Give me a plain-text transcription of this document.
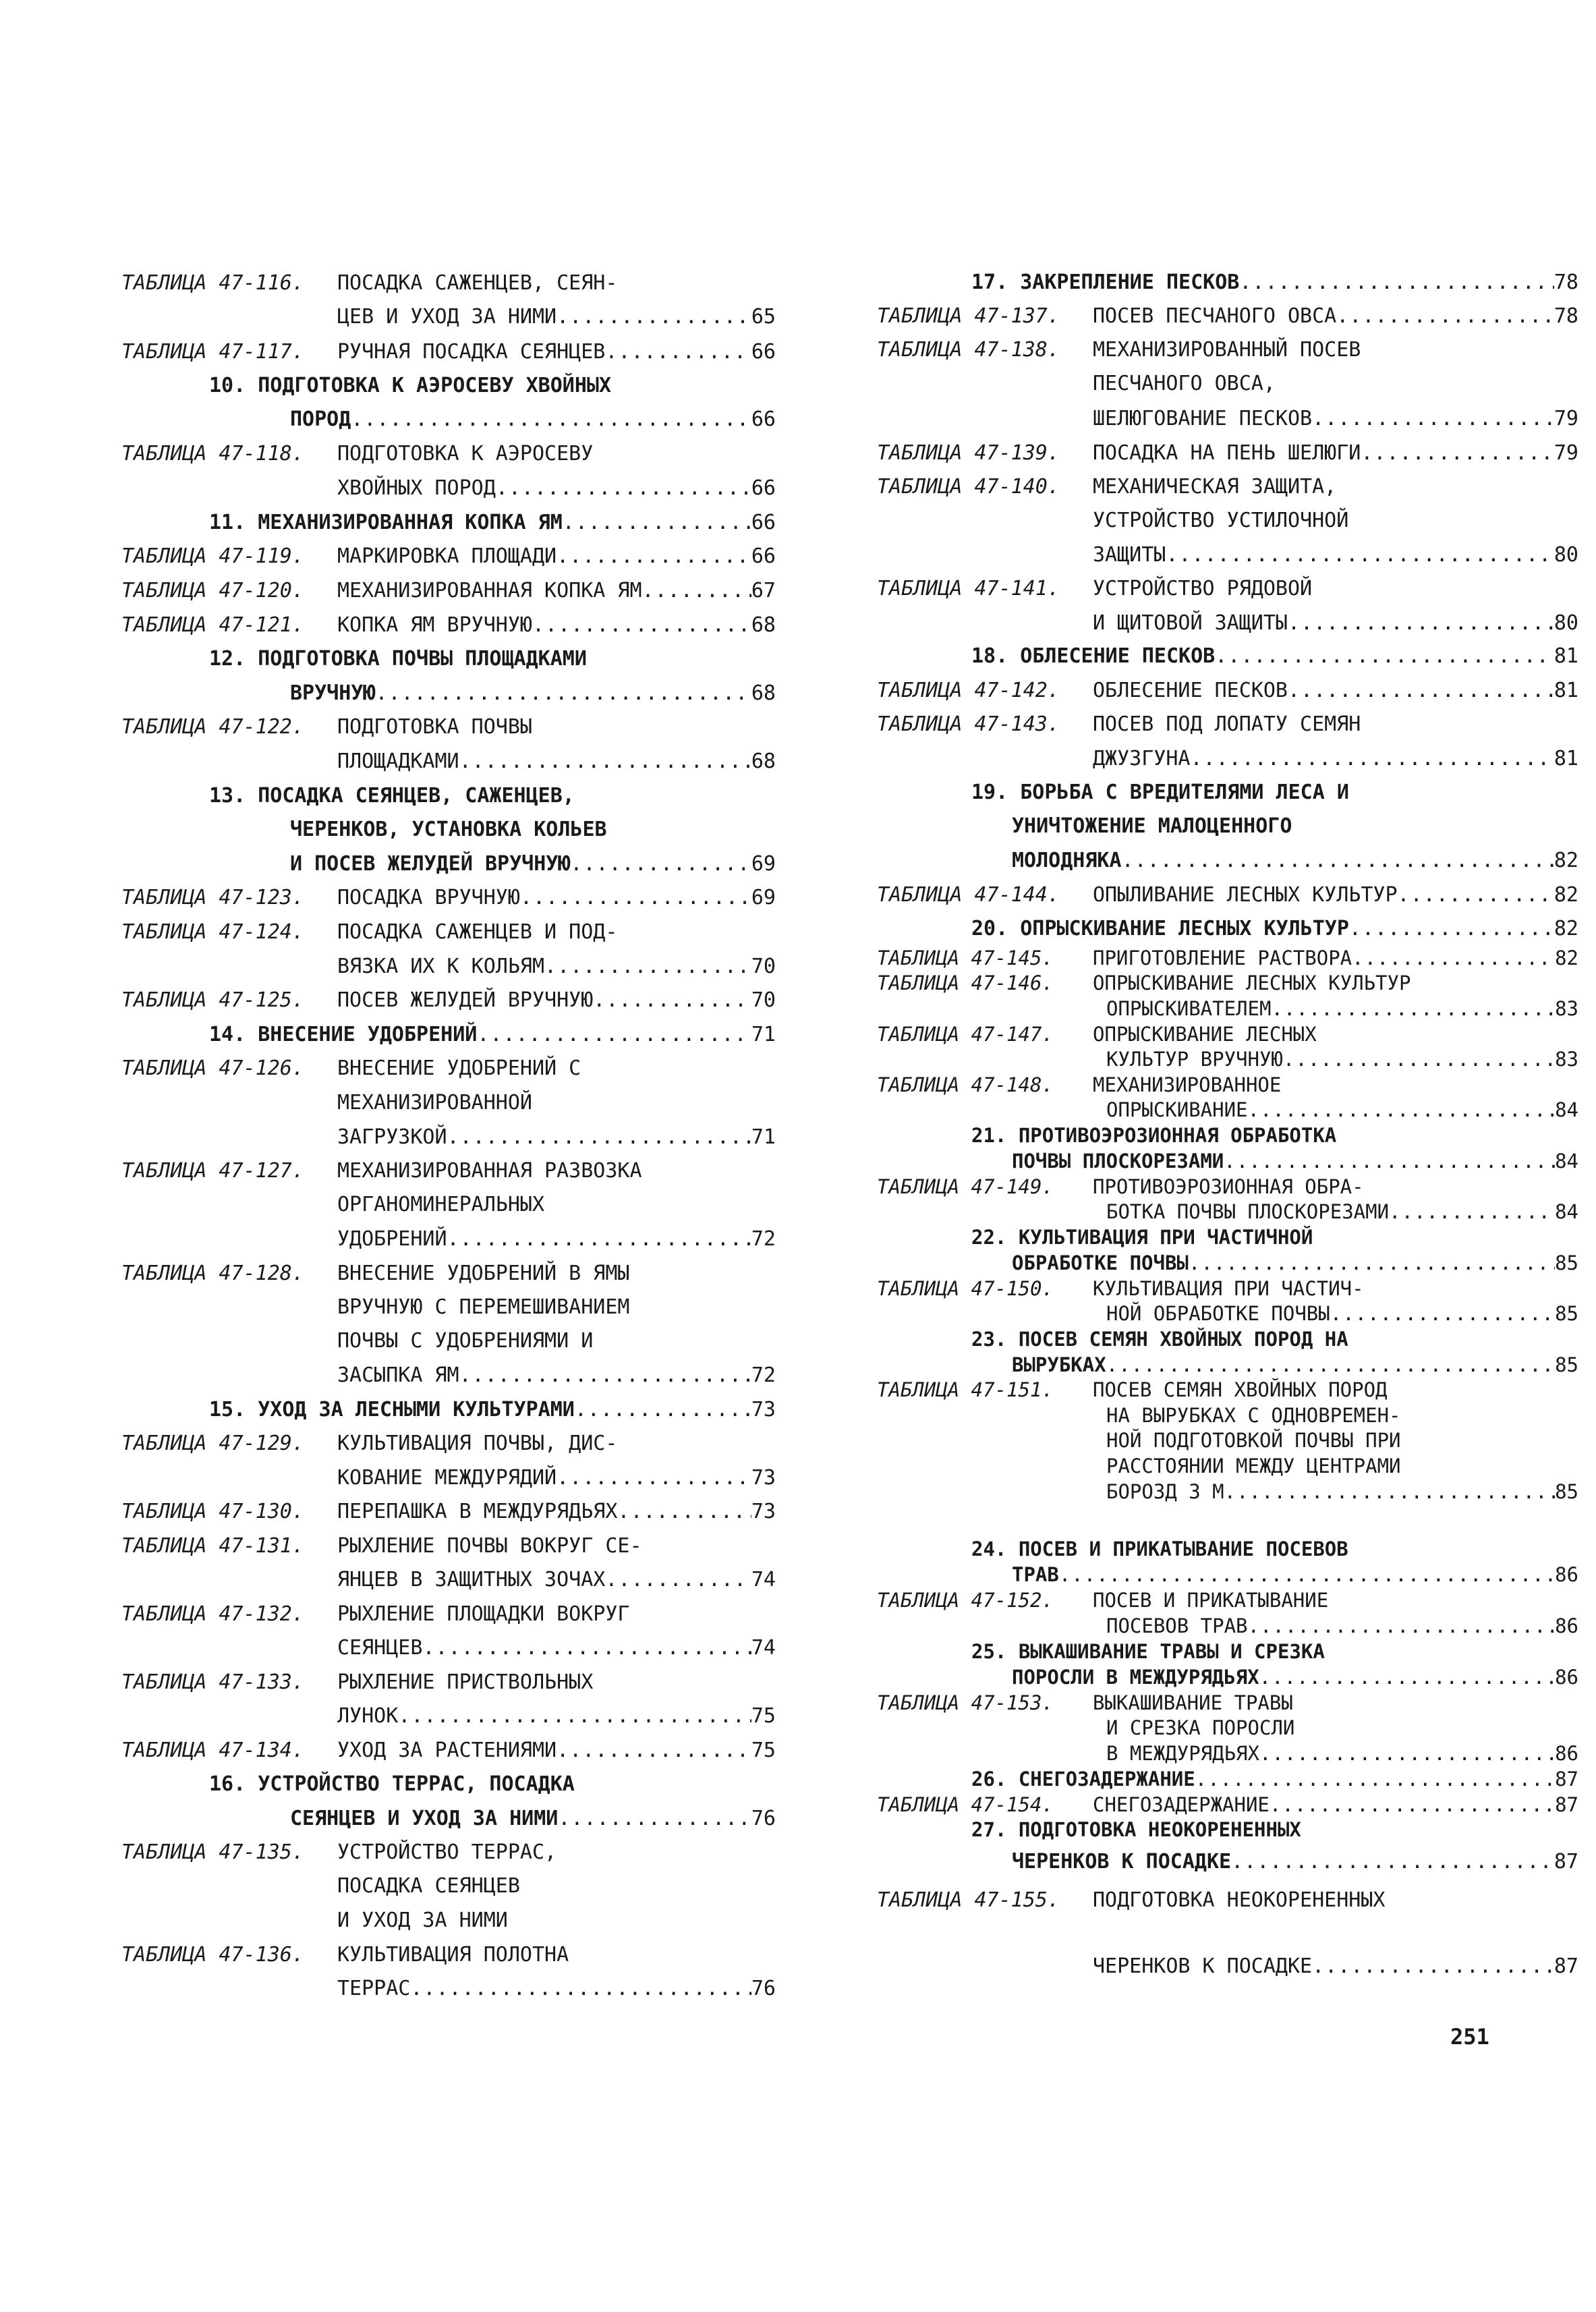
ТАБЛИЦА 47-116. ПОСАДКА САЖЕНЦЕВ, СЕЯН-
ЦЕВ И УХОД ЗА НИМИ .....	65
ТАБЛИЦА 47-117. РУЧНАЯ ПОСАДКА СЕЯНЦЕВ .....	66
10. ПОДГОТОВКА К АЭРОСЕВУ ХВОЙНЫХ
ПОРОД .....	66
ТАБЛИЦА 47-118. ПОДГОТОВКА К АЭРОСЕВУ
ХВОЙНЫХ ПОРОД .....	66
11. МЕХАНИЗИРОВАННАЯ КОПКА ЯМ .....	66
ТАБЛИЦА 47-119. МАРКИРОВКА ПЛОЩАДИ .....	66
ТАБЛИЦА 47-120. МЕХАНИЗИРОВАННАЯ КОПКА ЯМ .....	67
ТАБЛИЦА 47-121. КОПКА ЯМ ВРУЧНУЮ .....	68
12. ПОДГОТОВКА ПОЧВЫ ПЛОЩАДКАМИ
ВРУЧНУЮ .....	68
ТАБЛИЦА 47-122. ПОДГОТОВКА ПОЧВЫ
ПЛОЩАДКАМИ .....	68
13. ПОСАДКА СЕЯНЦЕВ, САЖЕНЦЕВ,
ЧЕРЕНКОВ, УСТАНОВКА КОЛЬЕВ
И ПОСЕВ ЖЕЛУДЕЙ ВРУЧНУЮ .....	69
ТАБЛИЦА 47-123. ПОСАДКА ВРУЧНУЮ .....	69
ТАБЛИЦА 47-124. ПОСАДКА САЖЕНЦЕВ И ПОД-
ВЯЗКА ИХ К КОЛЬЯМ .....	70
ТАБЛИЦА 47-125. ПОСЕВ ЖЕЛУДЕЙ ВРУЧНУЮ .....	70
14. ВНЕСЕНИЕ УДОБРЕНИЙ .....	71
ТАБЛИЦА 47-126. ВНЕСЕНИЕ УДОБРЕНИЙ С
МЕХАНИЗИРОВАННОЙ
ЗАГРУЗКОЙ .....	71
ТАБЛИЦА 47-127. МЕХАНИЗИРОВАННАЯ РАЗВОЗКА
ОРГАНОМИНЕРАЛЬНЫХ
УДОБРЕНИЙ .....	72
ТАБЛИЦА 47-128. ВНЕСЕНИЕ УДОБРЕНИЙ В ЯМЫ
ВРУЧНУЮ С ПЕРЕМЕШИВАНИЕМ
ПОЧВЫ С УДОБРЕНИЯМИ И
ЗАСЫПКА ЯМ .....	72
15. УХОД ЗА ЛЕСНЫМИ КУЛЬТУРАМИ .....	73
ТАБЛИЦА 47-129. КУЛЬТИВАЦИЯ ПОЧВЫ, ДИС-
КОВАНИЕ МЕЖДУРЯДИЙ .....	73
ТАБЛИЦА 47-130. ПЕРЕПАШКА В МЕЖДУРЯДЬЯХ .....	73
ТАБЛИЦА 47-131. РЫХЛЕНИЕ ПОЧВЫ ВОКРУГ СЕ-
ЯНЦЕВ В ЗАЩИТНЫХ ЗОЧАХ .....	74
ТАБЛИЦА 47-132. РЫХЛЕНИЕ ПЛОЩАДКИ ВОКРУГ
СЕЯНЦЕВ .....	74
ТАБЛИЦА 47-133. РЫХЛЕНИЕ ПРИСТВОЛЬНЫХ
ЛУНОК .....	75
ТАБЛИЦА 47-134. УХОД ЗА РАСТЕНИЯМИ .....	75
16. УСТРОЙСТВО ТЕРРАС, ПОСАДКА
СЕЯНЦЕВ И УХОД ЗА НИМИ .....	76
ТАБЛИЦА 47-135. УСТРОЙСТВО ТЕРРАС,
ПОСАДКА СЕЯНЦЕВ
И УХОД ЗА НИМИ
ТАБЛИЦА 47-136. КУЛЬТИВАЦИЯ ПОЛОТНА
ТЕРРАС .....	76
17. ЗАКРЕПЛЕНИЕ ПЕСКОВ .....	78
ТАБЛИЦА 47-137. ПОСЕВ ПЕСЧАНОГО ОВСА .....	78
ТАБЛИЦА 47-138. МЕХАНИЗИРОВАННЫЙ ПОСЕВ
ПЕСЧАНОГО ОВСА,
ШЕЛЮГОВАНИЕ ПЕСКОВ .....	79
ТАБЛИЦА 47-139. ПОСАДКА НА ПЕНЬ ШЕЛЮГИ .....	79
ТАБЛИЦА 47-140. МЕХАНИЧЕСКАЯ ЗАЩИТА,
УСТРОЙСТВО УСТИЛОЧНОЙ
ЗАЩИТЫ .....	80
ТАБЛИЦА 47-141. УСТРОЙСТВО РЯДОВОЙ
И ЩИТОВОЙ ЗАЩИТЫ .....	80
18. ОБЛЕСЕНИЕ ПЕСКОВ .....	81
ТАБЛИЦА 47-142. ОБЛЕСЕНИЕ ПЕСКОВ .....	81
ТАБЛИЦА 47-143. ПОСЕВ ПОД ЛОПАТУ СЕМЯН
ДЖУЗГУНА .....	81
19. БОРЬБА С ВРЕДИТЕЛЯМИ ЛЕСА И
УНИЧТОЖЕНИЕ МАЛОЦЕННОГО
МОЛОДНЯКА .....	82
ТАБЛИЦА 47-144. ОПЫЛИВАНИЕ ЛЕСНЫХ КУЛЬТУР .....	82
20. ОПРЫСКИВАНИЕ ЛЕСНЫХ КУЛЬТУР .....	82
ТАБЛИЦА 47-145. ПРИГОТОВЛЕНИЕ РАСТВОРА .....	82
ТАБЛИЦА 47-146. ОПРЫСКИВАНИЕ ЛЕСНЫХ КУЛЬТУР
ОПРЫСКИВАТЕЛЕМ .....	83
ТАБЛИЦА 47-147. ОПРЫСКИВАНИЕ ЛЕСНЫХ
КУЛЬТУР ВРУЧНУЮ .....	83
ТАБЛИЦА 47-148. МЕХАНИЗИРОВАННОЕ
ОПРЫСКИВАНИЕ .....	84
21. ПРОТИВОЭРОЗИОННАЯ ОБРАБОТКА
ПОЧВЫ ПЛОСКОРЕЗАМИ .....	84
ТАБЛИЦА 47-149. ПРОТИВОЭРОЗИОННАЯ ОБРА-
БОТКА ПОЧВЫ ПЛОСКОРЕЗАМИ .....	84
22. КУЛЬТИВАЦИЯ ПРИ ЧАСТИЧНОЙ
ОБРАБОТКЕ ПОЧВЫ .....	85
ТАБЛИЦА 47-150. КУЛЬТИВАЦИЯ ПРИ ЧАСТИЧ-
НОЙ ОБРАБОТКЕ ПОЧВЫ .....	85
23. ПОСЕВ СЕМЯН ХВОЙНЫХ ПОРОД НА
ВЫРУБКАХ .....	85
ТАБЛИЦА 47-151. ПОСЕВ СЕМЯН ХВОЙНЫХ ПОРОД
НА ВЫРУБКАХ С ОДНОВРЕМЕН-
НОЙ ПОДГОТОВКОЙ ПОЧВЫ ПРИ
РАССТОЯНИИ МЕЖДУ ЦЕНТРАМИ
БОРОЗД 3 М .....	85
24. ПОСЕВ И ПРИКАТЫВАНИЕ ПОСЕВОВ
ТРАВ .....	86
ТАБЛИЦА 47-152. ПОСЕВ И ПРИКАТЫВАНИЕ
ПОСЕВОВ ТРАВ .....	86
25. ВЫКАШИВАНИЕ ТРАВЫ И СРЕЗКА
ПОРОСЛИ В МЕЖДУРЯДЬЯХ .....	86
ТАБЛИЦА 47-153. ВЫКАШИВАНИЕ ТРАВЫ
И СРЕЗКА ПОРОСЛИ
В МЕЖДУРЯДЬЯХ .....	86
26. СНЕГОЗАДЕРЖАНИЕ .....	87
ТАБЛИЦА 47-154. СНЕГОЗАДЕРЖАНИЕ .....	87
27. ПОДГОТОВКА НЕОКОРЕНЕННЫХ
ЧЕРЕНКОВ К ПОСАДКЕ .....	87
ТАБЛИЦА 47-155. ПОДГОТОВКА НЕОКОРЕНЕННЫХ
ЧЕРЕНКОВ К ПОСАДКЕ .....	87
251
